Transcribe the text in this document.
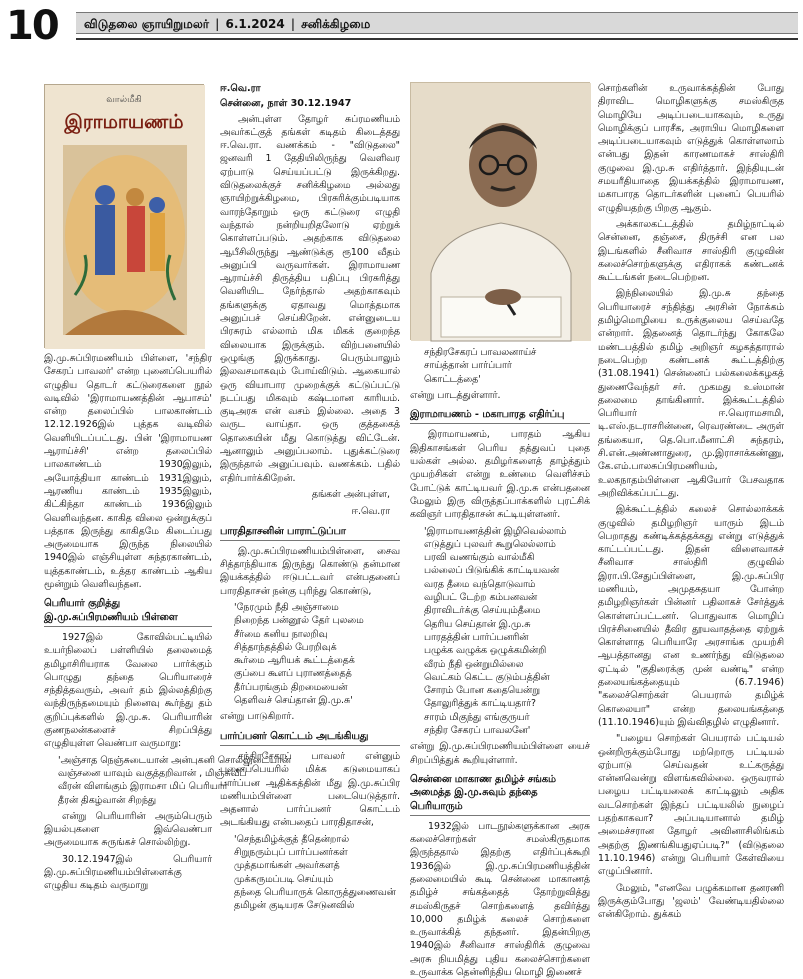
10	விடுதலை ஞாயிறுமலர் | 6.1.2024 | சனிக்கிழமை
வால்மீகி
இராமாயணம்

இ.மு.சுப்பிரமணியம் பிள்ளை, 'சந்திர சேகரப் பாவலர்' என்ற புனைப்பெயரில் எழுதிய தொடர் கட்டுரைகளை நூல் வடிவில் 'இராமாயணத்தின் ஆபாசம்' என்ற தலைப்பில் பாலகாண்டம் 12.12.1926இல் புத்தக வடிவில் வெளியிடப்பட்டது. பின் 'இராமாயண ஆராய்ச்சி' என்ற தலைப்பில் பாலகாண்டம் 1930இலும், அயோத்தியா காண்டம் 1931இலும், ஆரணிய காண்டம் 1935இலும், கிட்கிந்தா காண்டம் 1936இலும் வெளிவந்தன. காகித விலை ஒன்றுக்குப் பத்தாக இருந்து காகிதமே கிடைப்பது அருமையாக இருந்த நிலையில் 1940இல் எஞ்சியுள்ள சுந்தரகாண்டம், யுத்தகாண்டம், உத்தர காண்டம் ஆகிய மூன்றும் வெளிவந்தன.

பெரியார் குறித்து இ.மு.சுப்பிரமணியம் பிள்ளை

1927இல் கோவில்பட்டியில் உயர்நிலைப் பள்ளியில் தலைமைத் தமிழாசிரியராக வேலை பார்க்கும் பொழுது தந்தை பெரியாரைச் சந்தித்தவரும், அவர் தம் இல்லத்திற்கு வந்திருந்தமையும் நினைவு கூர்ந்து தம் குறிப்புக்களில் இ.மு.சு. பெரியாரின் குணநலன்களைச் சிறப்பித்து எழுதியுள்ள வெண்பா வருமாறு:

'அஞ்சாத நெஞ்சுடையான் அன்புகனி சொல்லுடையான்
வஞ்சனை யாவும் வகுத்தறிவான் , மிஞ்சுவீப்
வீரன் விளங்கும் இராமசா மிப் பெரியார்
தீரன் திகழ்வான் சிறந்து

என்று பெரியாரின் அரும்பெரும் இயல்புகளை இவ்வெண்பா அருமையாக சுருங்கச் சொல்லிற்று.

30.12.1947இல் பெரியார் இ.மு.சுப்பிரமணியம்பிள்ளைக்கு எழுதிய கடிதம் வருமாறு

ஈ.வெ.ரா
சென்னை, நாள் 30.12.1947

அன்புள்ள தோழர் சுப்ரமணியம் அவர்கட்குத் தங்கள் கடிதம் கிடைத்தது ஈ.வெ.ரா. வணக்கம் - "விடுதலை" ஜனவரி 1 தேதியிலிருந்து வெளிவர ஏற்பாடு செய்யப்பட்டு இருக்கிறது. விடுதலைக்குச் சனிக்கிழமை அல்லது ஞாயிற்றுக்கிழமை, பிரசுரிக்கும்படியாக வாரந்தோறும் ஒரு கட்டுரை எழுதி வந்தால் நன்றியறிதலோடு ஏற்றுக் கொள்ளப்படும். அதற்காக விடுதலை ஆபீசிலிருந்து ஆண்டுக்கு ரூ100 வீதம் அனுப்பி வருவார்கள். இராமாயண ஆராய்ச்சி திருத்திய பதிப்பு பிரசுரித்து வெளியிட நேர்ந்தால் அதற்காகவும் தங்களுக்கு ஏதாவது மொத்தமாக அனுப்பச் செய்கிறேன். என்னுடைய பிரசுரம் எல்லாம் மிக மிகக் குறைந்த விலையாக இருக்கும். விற்பனையில் ஒழுங்கு இருக்காது. பெரும்பாலும் இலவசமாகவும் போய்விடும். ஆகையால் ஒரு வியாபார முறைக்குக் கட்டுப்பட்டு நடப்பது மிகவும் கஷ்டமான காரியம். குடிஅரசு என் வசம் இல்லை. அதை 3 வருட வாய்தா. ஒரு குத்தகைத் தொகையின் மீது கொடுத்து விட்டேன். ஆனாலும் அனுப்பலாம். புதுக்கட்டுரை இருந்தால் அனுப்பவும். வணக்கம். பதில் எதிர்பார்க்கிறேன்.

தங்கள் அன்புள்ள,
ஈ.வெ.ரா
பாரதிதாசனின் பாராட்டுப்பா

இ.மு.சுப்பிரமணியம்பிள்ளை, சைவ சித்தாந்தியாக இருந்து கொண்டு தன்மான இயக்கத்தில் ஈடுபட்டவர் என்பதனைப் பாரதிதாசன் நன்கு புரிந்து கொண்டு,

'நேரமும் நீதி அஞ்சாமை
நிறைந்த பன்னூல் தேர் புலமை
சீர்மை கனிய நாலறிவு
சித்தாந்தத்தில் பேரறிவுக்
கூர்மை ஆரியக் கூட்டத்தைக்
குப்பை கூளப் புராணத்தைத்
தீர்ப்பரங்கும் திறமையைன்
தெளிவச் செய்தான் இ.மு.சு'

என்று பாடுகிறார்.

பார்ப்பனர் கொட்டம் அடங்கியது

சந்திரசேகரப் பாவலர் என்னும் புனைப்பெயரில் மிக்க கடுமையாகப் பார்ப்பன ஆதிக்கத்தின் மீது இ.மு.சுப்பிர மணியம்பிள்ளை படையெடுத்தார். அதனால் பார்ப்பனர் கொட்டம் அடங்கியது என்பதைப் பாரதிதாசன்,

'செந்தமிழ்க்குத் தீதென்றால்
சிறுநரும்புப் பார்ப்பனர்கள்
முத்தமாங்கள் அவர்களத்
முக்கருமப்படி செய்யும்
தந்தை பெரியாருக் கொருத்துணைவன்
தமிழன் குடியரசு சேடுனவில்
சந்திரசேகரப் பாவலனாய்ச்
சாய்த்தான் பார்ப்பார்
கொட்டத்தை'

என்று பாடத்துள்ளார்.

இராமாயணம் - மகாபாரத எதிர்ப்பு

இராமாயணம், பாரதம் ஆகிய இதிகாசங்கள் பெரிய தத்துவப் புதை யல்கள் அல்ல. தமிழர்களைத் தாழ்த்தும் முயற்சிகள் என்று உண்மை வெளிச்சம் போட்டுக் காட்டியவர் இ.மு.சு என்பதனை மேலும் இரு விருத்தப்பாக்களில் புரட்சிக் கவிஞர் பாரதிதாசன் சுட்டியுள்ளனர்.

'இராமாயணத்தின் இழிவெல்லாம்
எடுத்துப் புலவர் கூறுலெல்லாம்
பரவி வணங்கும் வால்மீகி
பல்லைப் பிடுங்கிக் காட்டியவன்
வரத தீமை வந்தொடுவாம்
வழிபட் டேற்ற கம்பனவன்
திராவிடர்க்கு செய்யும்தீமை
தெரிய செய்தான் இ.மு.சு
பாரதத்தின் பார்ப்பனரின்
பழுக்க வழுக்க ஒழுக்கமின்றி
வீரம் நீதி ஒன்றுமில்லை
வெட்கம் கெட்ட குடும்பத்தின்
சோரம் போன கதையென்று
தோலுரித்துக் காட்டியதார்?
சாரம் மிகுந்து எங்குருயர்
சந்திர சேகரப் பாவலனே'

என்று இ.மு.சுப்பிரமணியம்பிள்ளை யைச் சிறப்பித்துக் கூறியுள்ளார்.

சென்னை மாகாண தமிழ்ச் சங்கம் அமைத்த இ.மு.சுவும் தந்தை பெரியாரும்

1932இல் பாடநூல்களுக்கான அரசு கலைச்சொற்கள் சமஸ்கிருதமாக இருந்ததால் இதற்கு எதிர்ப்புக்கூறி 1936இல் இ.மு.சுப்பிரமணியத்தின் தலைமையில் கூடி சென்னை மாகாணத் தமிழ்ச் சங்கத்தைத் தோற்றுவித்து சமஸ்கிருதச் சொற்களைத் தவிர்த்து 10,000 தமிழ்க் கலைச் சொற்களை உருவாக்கித் தந்தனர். இதன்பிறகு 1940இல் சீனிவாச சாஸ்திரிக் குழுவை அரசு நியமித்து புதிய கலைச்சொற்களை உருவாக்க தென்னிந்திய மொழி இணைச்

சொற்களின் உருவாக்கத்தின் போது திராவிட மொழிகளுக்கு சமஸ்கிருத மொழியே அடிப்படையாகவும், உருது மொழிக்குப் பாரசீக, அராபிய மொழிகளை அடிப்படையாகவும் எடுத்துக் கொள்ளலாம் என்பது இதன் காரணமாகச் சாஸ்திரி குழுவை இ.மு.சு எதிர்த்தார். இந்தியுடன் சமயரீதியாதை இயக்கத்தில் இராமாயண, மகாபாரத தொடர்களின் புனைப் பெயரில் எழுதியதற்கு பிறகு ஆகும்.

அக்காலகட்டத்தில் தமிழ்நாட்டில் சென்னை, தஞ்சை, திருச்சி என பல இடங்களில் சீனிவாச சாஸ்திரி குழுவின் கலைச்சொற்களுக்கு எதிராகக் கண்டனக் கூட்டங்கள் நடைபெற்றன.

இந்நிலையில் இ.மு.சு தந்தை பெரியாரைச் சந்தித்து அரசின் நோக்கம் தமிழ்மொழியை உருக்குலைய செய்வதே என்றார். இதனைத் தொடர்ந்து கோகலே மண்டபத்தில் தமிழ் அறிஞர் கழகத்தாரால் நடைபெற்ற கண்டனக் கூட்டத்திற்கு (31.08.1941) சென்னைப் பல்கலைக்கழகத் துணைவேந்தர் சர். முகமது உஸ்மான் தலைமை தாங்கினார். இக்கூட்டத்தில் பெரியார் ஈ.வெராமசாமி, டி.எஸ்.நடராசரின்னை, ரெவரண்டை அருள் தங்கையா, தெ.பொ.மீனாட்சி சுந்தரம், சி.என்.அண்ணாதுரை, மு.இராசாக்கண்ணு, கே.எம்.பாலசுப்பிரமணியம், உலகநாதம்பிள்ளை ஆகியோர் பேசவதாக அறிவிக்கப்பட்டது.

இக்கூட்டத்தில் கலைச் சொல்லாக்கக் குழுவில் தமிழறிஞர் யாரும் இடம் பெறாதது கண்டிக்கத்தக்கது என்று எடுத்துக் காட்டப்பட்டது. இதன் விளைவாகச் சீனிவாச சாஸ்திரி குழுவில் இரா.பி.சேதுப்பிள்ளை, இ.மு.சுப்பிர மணியம், அமுதசுதயா போன்ற தமிழறிஞர்கள் பின்னர் பதிலாகச் சேர்த்துக் கொள்ளப்பட்டனர். பொதுவாக மொழிப் பிரச்சினையில் தீவிர தூயவாதத்தை ஏற்றுக் கொள்ளாத பெரியாரே அரசாங்க முயற்சி ஆபத்தானது என உணர்ந்து விடுதலை ஏட்டில் "குதிரைக்கு முன் வண்டி" என்ற தலையங்கத்தையும் (6.7.1946) "கலைச்சொற்கள் பெயரால் தமிழ்க் கொலையா" என்ற தலையங்கத்தை (11.10.1946)யும் இவ்விதழில் எழுதினார்.

"பழைய சொற்கள் பெயரால் பட்டியல் ஒன்றிருக்கும்போது மற்றொரு பட்டியல் ஏற்பாடு செய்வதன் உட்கருத்து என்னவென்று விளங்கவில்லை. ஒருவரால் பழைய பட்டியலைக் காட்டிலும் அதிக வடசொற்கள் இந்தப் பட்டியலில் நுழைப் பதற்காகவா? அப்படியானால் தமிழ் அமைச்சரான தோழர் அவினாசிலிங்கம் அதற்கு இணங்கியதுஏப்படி?" (விடுதலை 11.10.1946) என்று பெரியார் கேள்வியை எழுப்பினார்.

மேலும், "எனவே பழுக்கமான தனரணி இருக்கும்போது 'ஜலம்' வேண்டியதில்லை என்கிறோம். துக்கம்
